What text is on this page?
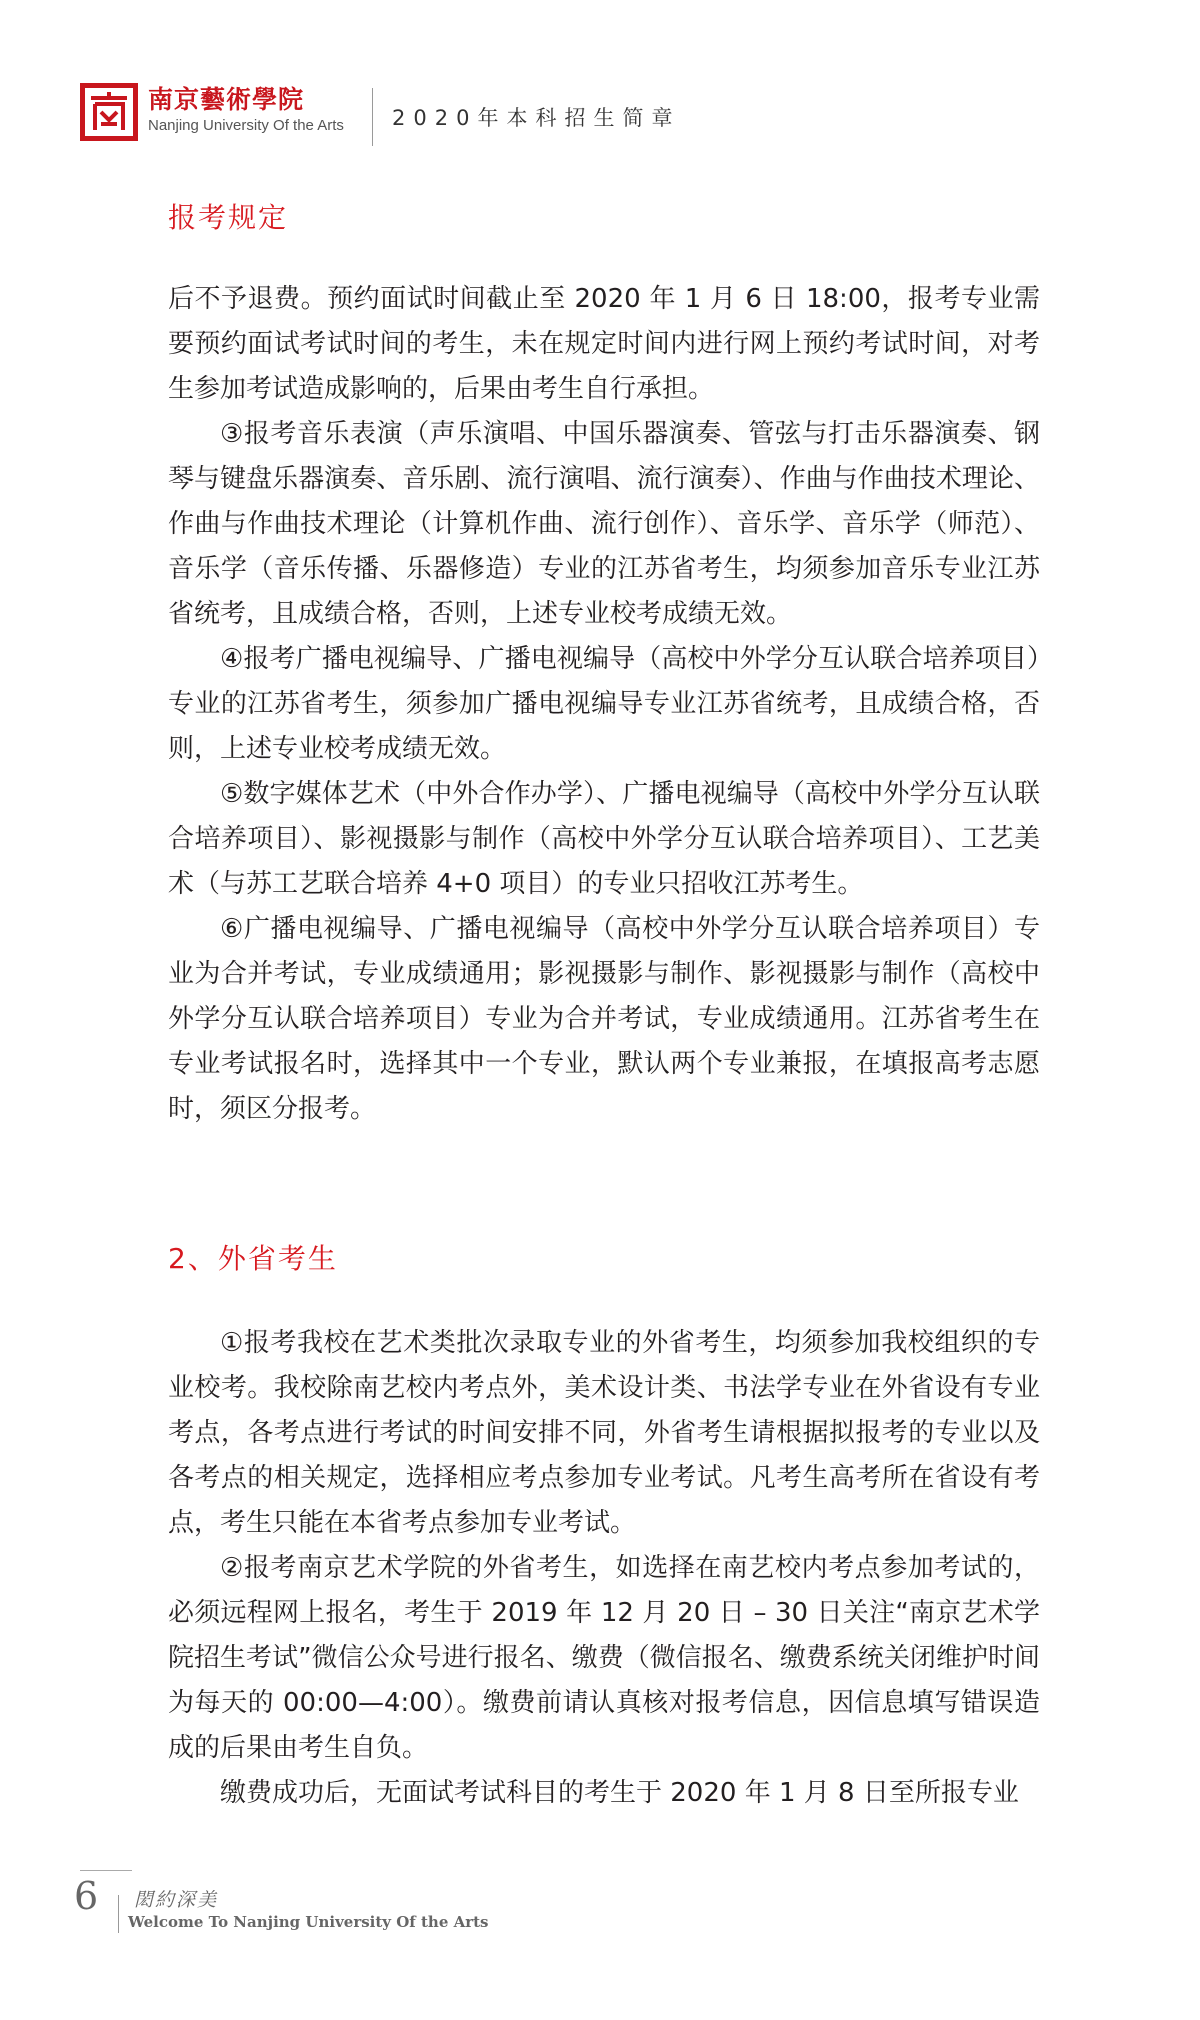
南京藝術學院
Nanjing University Of the Arts 2020年本科招生简章
报考规定

后不予退费。预约面试时间截止至 2020 年 1 月 6 日 18:00，报考专业需要预约面试考试时间的考生，未在规定时间内进行网上预约考试时间，对考生参加考试造成影响的，后果由考生自行承担。

③报考音乐表演（声乐演唱、中国乐器演奏、管弦与打击乐器演奏、钢琴与键盘乐器演奏、音乐剧、流行演唱、流行演奏）、作曲与作曲技术理论、作曲与作曲技术理论（计算机作曲、流行创作）、音乐学、音乐学（师范）、音乐学（音乐传播、乐器修造）专业的江苏省考生，均须参加音乐专业江苏省统考，且成绩合格，否则，上述专业校考成绩无效。

④报考广播电视编导、广播电视编导（高校中外学分互认联合培养项目）专业的江苏省考生，须参加广播电视编导专业江苏省统考，且成绩合格，否则，上述专业校考成绩无效。

⑤数字媒体艺术（中外合作办学）、广播电视编导（高校中外学分互认联合培养项目）、影视摄影与制作（高校中外学分互认联合培养项目）、工艺美术（与苏工艺联合培养 4+0 项目）的专业只招收江苏考生。

⑥广播电视编导、广播电视编导（高校中外学分互认联合培养项目）专业为合并考试，专业成绩通用；影视摄影与制作、影视摄影与制作（高校中外学分互认联合培养项目）专业为合并考试，专业成绩通用。江苏省考生在专业考试报名时，选择其中一个专业，默认两个专业兼报，在填报高考志愿时，须区分报考。

2、外省考生

①报考我校在艺术类批次录取专业的外省考生，均须参加我校组织的专业校考。我校除南艺校内考点外，美术设计类、书法学专业在外省设有专业考点，各考点进行考试的时间安排不同，外省考生请根据拟报考的专业以及各考点的相关规定，选择相应考点参加专业考试。凡考生高考所在省设有考点，考生只能在本省考点参加专业考试。

②报考南京艺术学院的外省考生，如选择在南艺校内考点参加考试的，必须远程网上报名，考生于 2019 年 12 月 20 日 – 30 日关注“南京艺术学院招生考试”微信公众号进行报名、缴费（微信报名、缴费系统关闭维护时间为每天的 00:00—4:00）。缴费前请认真核对报考信息，因信息填写错误造成的后果由考生自负。

缴费成功后，无面试考试科目的考生于 2020 年 1 月 8 日至所报专业

6 閎約深美
Welcome To Nanjing University Of the Arts
